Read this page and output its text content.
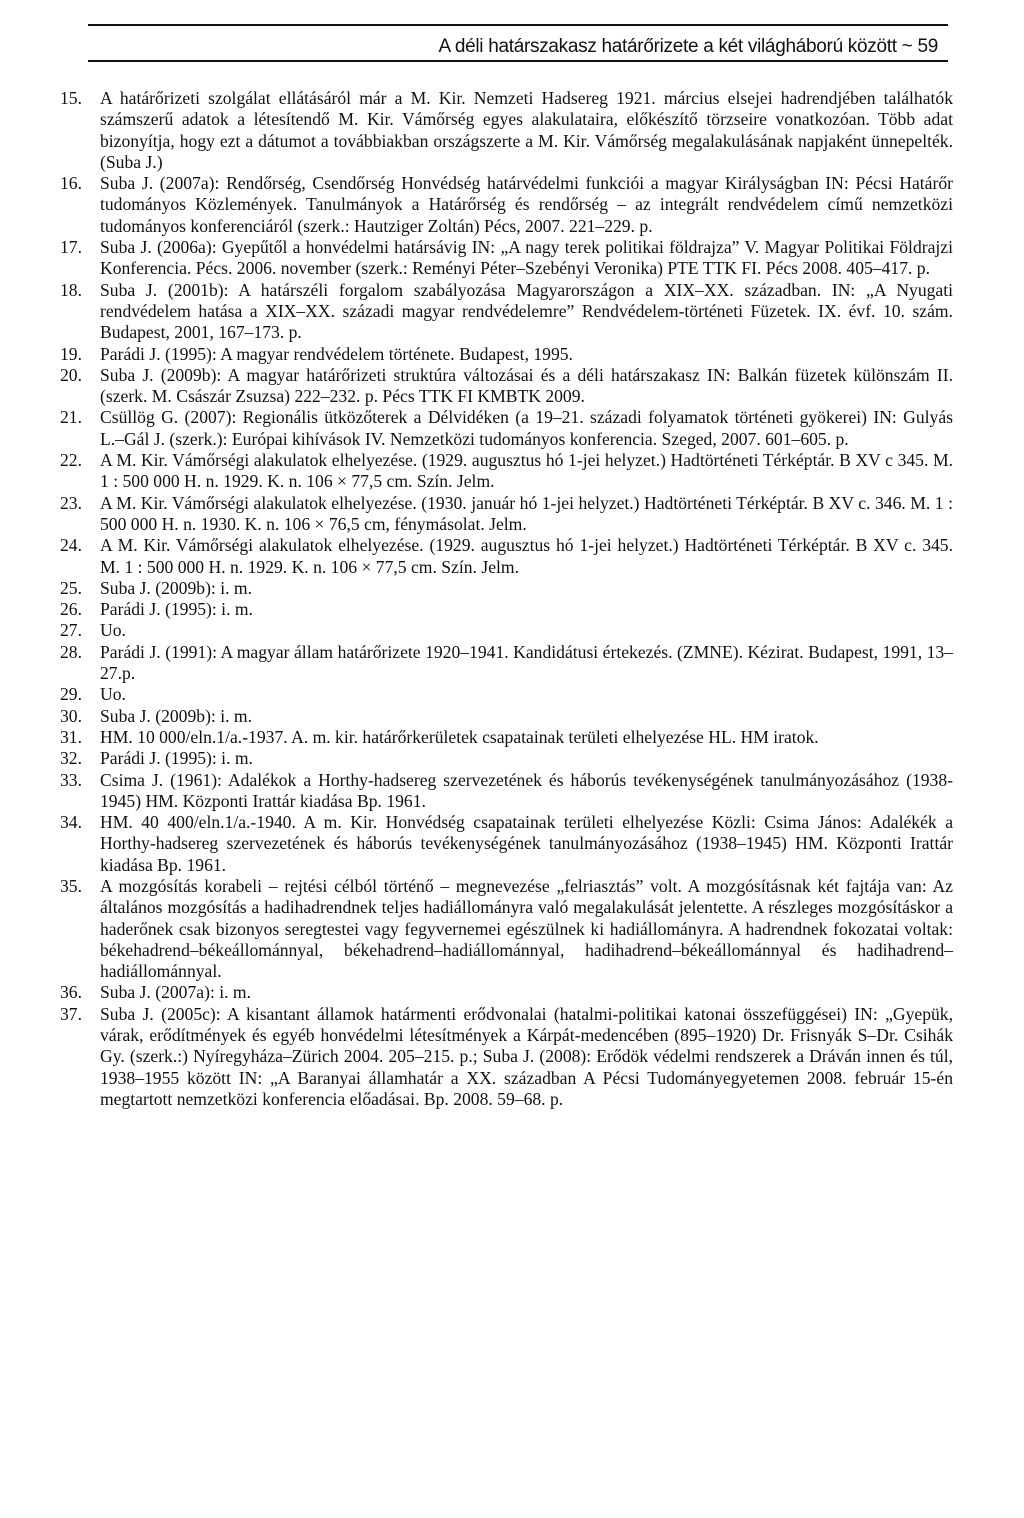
A déli határszakasz határőrizete a két világháború között ~ 59
15.	A határőrizeti szolgálat ellátásáról már a M. Kir. Nemzeti Hadsereg 1921. március elsejei hadrendjében találhatók számszerű adatok a létesítendő M. Kir. Vámőrség egyes alakulataira, előkészítő törzseire vonatkozóan. Több adat bizonyítja, hogy ezt a dátumot a továbbiakban országszerte a M. Kir. Vámőrség megalakulásának napjaként ünnepelték. (Suba J.)
16.	Suba J. (2007a): Rendőrség, Csendőrség Honvédség határvédelmi funkciói a magyar Királyságban IN: Pécsi Határőr tudományos Közlemények. Tanulmányok a Határőrség és rendőrség – az integrált rendvédelem című nemzetközi tudományos konferenciáról (szerk.: Hautziger Zoltán) Pécs, 2007. 221–229. p.
17.	Suba J. (2006a): Gyepűtől a honvédelmi határsávig IN: „A nagy terek politikai földrajza” V. Magyar Politikai Földrajzi Konferencia. Pécs. 2006. november (szerk.: Reményi Péter–Szebényi Veronika) PTE TTK FI. Pécs 2008. 405–417. p.
18.	Suba J. (2001b): A határszéli forgalom szabályozása Magyarországon a XIX–XX. században. IN: „A Nyugati rendvédelem hatása a XIX–XX. századi magyar rendvédelemre” Rendvédelem-történeti Füzetek. IX. évf. 10. szám. Budapest, 2001, 167–173. p.
19.	Parádi J. (1995): A magyar rendvédelem története. Budapest, 1995.
20.	Suba J. (2009b): A magyar határőrizeti struktúra változásai és a déli határszakasz IN: Balkán füzetek különszám II. (szerk. M. Császár Zsuzsa) 222–232. p. Pécs TTK FI KMBTK 2009.
21.	Csüllög G. (2007): Regionális ütközőterek a Délvidéken (a 19–21. századi folyamatok történeti gyökerei) IN: Gulyás L.–Gál J. (szerk.): Európai kihívások IV. Nemzetközi tudományos konferencia. Szeged, 2007. 601–605. p.
22.	A M. Kir. Vámőrségi alakulatok elhelyezése. (1929. augusztus hó 1-jei helyzet.) Hadtörténeti Térképtár. B XV c 345. M. 1 : 500 000 H. n. 1929. K. n. 106 × 77,5 cm. Szín. Jelm.
23.	A M. Kir. Vámőrségi alakulatok elhelyezése. (1930. január hó 1-jei helyzet.) Hadtörténeti Térképtár. B XV c. 346. M. 1 : 500 000 H. n. 1930. K. n. 106 × 76,5 cm, fénymásolat. Jelm.
24.	A M. Kir. Vámőrségi alakulatok elhelyezése. (1929. augusztus hó 1-jei helyzet.) Hadtörténeti Térképtár. B XV c. 345. M. 1 : 500 000 H. n. 1929. K. n. 106 × 77,5 cm. Szín. Jelm.
25.	Suba J. (2009b): i. m.
26.	Parádi J. (1995): i. m.
27.	Uo.
28.	Parádi J. (1991): A magyar állam határőrizete 1920–1941. Kandidátusi értekezés. (ZMNE). Kézirat. Budapest, 1991, 13–27.p.
29.	Uo.
30.	Suba J. (2009b): i. m.
31.	HM. 10 000/eln.1/a.-1937. A. m. kir. határőrkerületek csapatainak területi elhelyezése HL. HM iratok.
32.	Parádi J. (1995): i. m.
33.	Csima J. (1961): Adalékok a Horthy-hadsereg szervezetének és háborús tevékenységének tanulmányozásához (1938-1945) HM. Központi Irattár kiadása Bp. 1961.
34.	HM. 40 400/eln.1/a.-1940. A m. Kir. Honvédség csapatainak területi elhelyezése Közli: Csima János: Adalékék a Horthy-hadsereg szervezetének és háborús tevékenységének tanulmányozásához (1938–1945) HM. Központi Irattár kiadása Bp. 1961.
35.	A mozgósítás korabeli – rejtési célból történő – megnevezése „felriasztás” volt. A mozgósításnak két fajtája van: Az általános mozgósítás a hadihadrendnek teljes hadiállományra való megalakulását jelentette. A részleges mozgósításkor a haderőnek csak bizonyos seregtestei vagy fegyvernemei egészülnek ki hadiállományra. A hadrendnek fokozatai voltak: békehadrend–békeállománnyal, békehadrend–hadiállománnyal, hadihadrend–békeállománnyal és hadihadrend–hadiállománnyal.
36.	Suba J. (2007a): i. m.
37.	Suba J. (2005c): A kisantant államok határmenti erődvonalai (hatalmi-politikai katonai összefüggései) IN: „Gyepük, várak, erődítmények és egyéb honvédelmi létesítmények a Kárpát-medencében (895–1920) Dr. Frisnyák S–Dr. Csihák Gy. (szerk.:) Nyíregyháza–Zürich 2004. 205–215. p.; Suba J. (2008): Erődök védelmi rendszerek a Dráván innen és túl, 1938–1955 között IN: „A Baranyai államhatár a XX. században A Pécsi Tudományegyetemen 2008. február 15-én megtartott nemzetközi konferencia előadásai. Bp. 2008. 59–68. p.
